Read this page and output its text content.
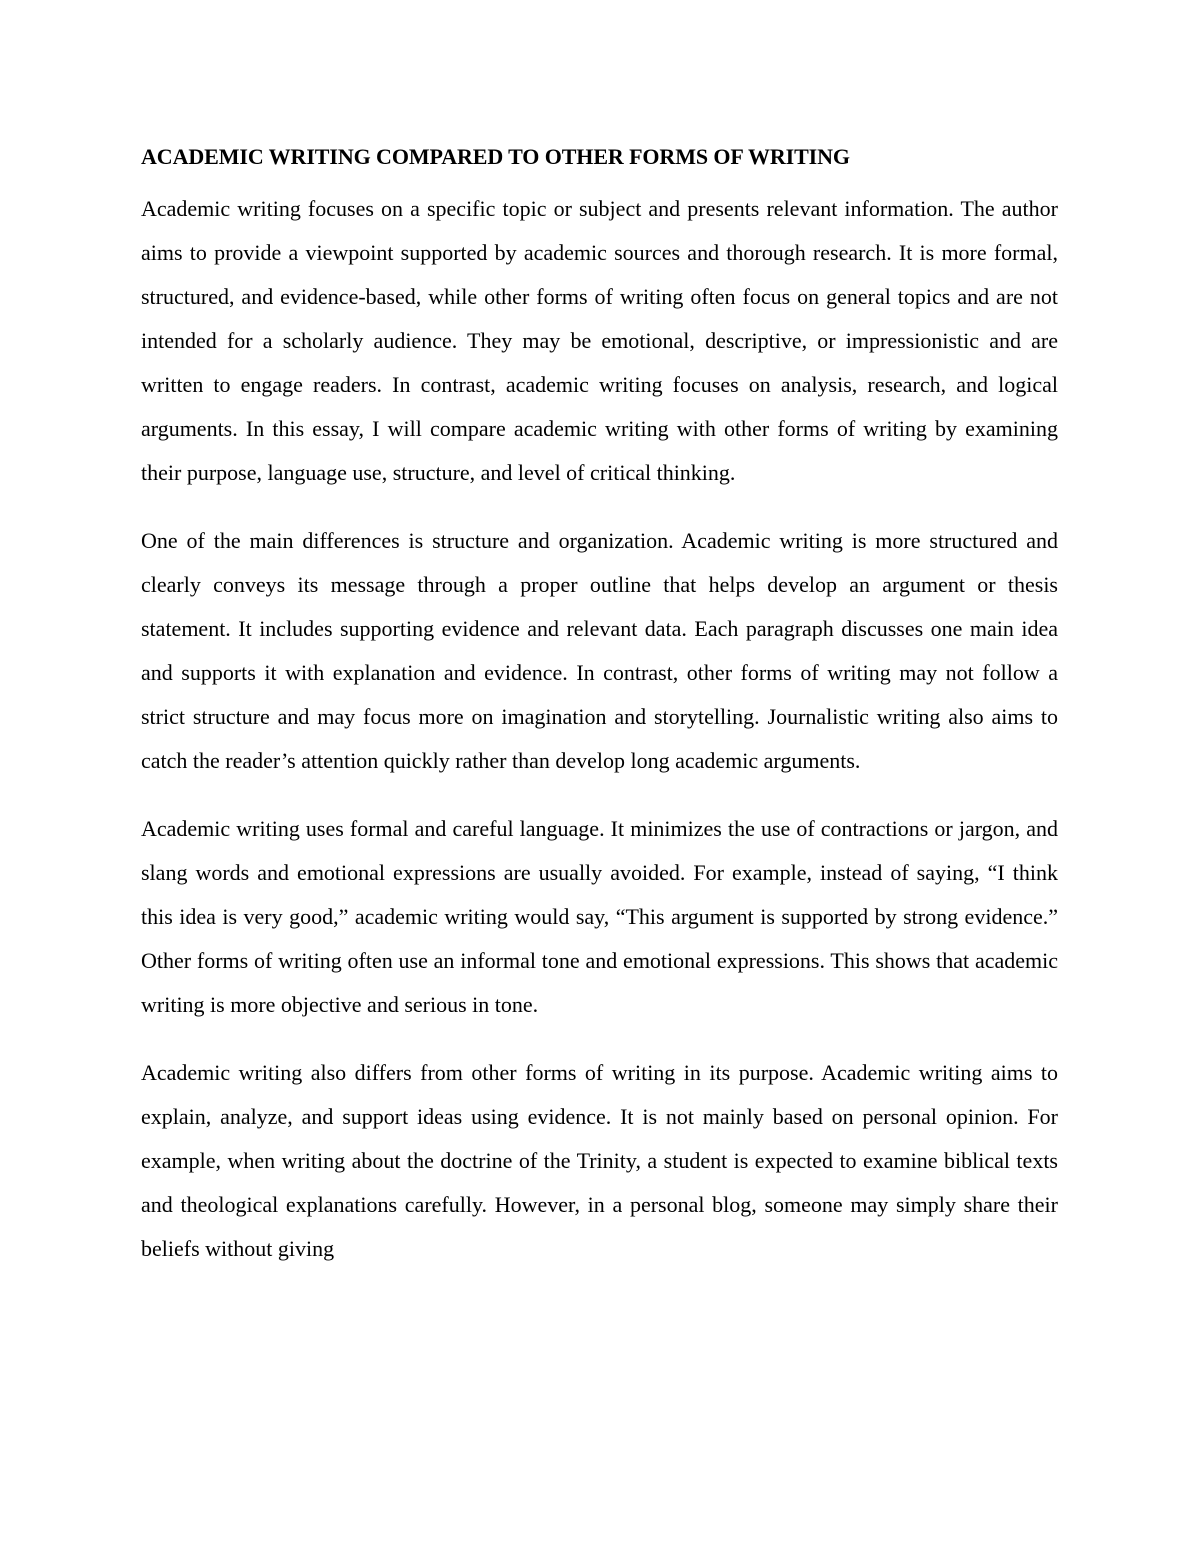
ACADEMIC WRITING COMPARED TO OTHER FORMS OF WRITING

Academic writing focuses on a specific topic or subject and presents relevant information. The author aims to provide a viewpoint supported by academic sources and thorough research. It is more formal, structured, and evidence-based, while other forms of writing often focus on general topics and are not intended for a scholarly audience. They may be emotional, descriptive, or impressionistic and are written to engage readers. In contrast, academic writing focuses on analysis, research, and logical arguments. In this essay, I will compare academic writing with other forms of writing by examining their purpose, language use, structure, and level of critical thinking.

One of the main differences is structure and organization. Academic writing is more structured and clearly conveys its message through a proper outline that helps develop an argument or thesis statement. It includes supporting evidence and relevant data. Each paragraph discusses one main idea and supports it with explanation and evidence. In contrast, other forms of writing may not follow a strict structure and may focus more on imagination and storytelling. Journalistic writing also aims to catch the reader’s attention quickly rather than develop long academic arguments.

Academic writing uses formal and careful language. It minimizes the use of contractions or jargon, and slang words and emotional expressions are usually avoided. For example, instead of saying, “I think this idea is very good,” academic writing would say, “This argument is supported by strong evidence.” Other forms of writing often use an informal tone and emotional expressions. This shows that academic writing is more objective and serious in tone.

Academic writing also differs from other forms of writing in its purpose. Academic writing aims to explain, analyze, and support ideas using evidence. It is not mainly based on personal opinion. For example, when writing about the doctrine of the Trinity, a student is expected to examine biblical texts and theological explanations carefully. However, in a personal blog, someone may simply share their beliefs without giving
